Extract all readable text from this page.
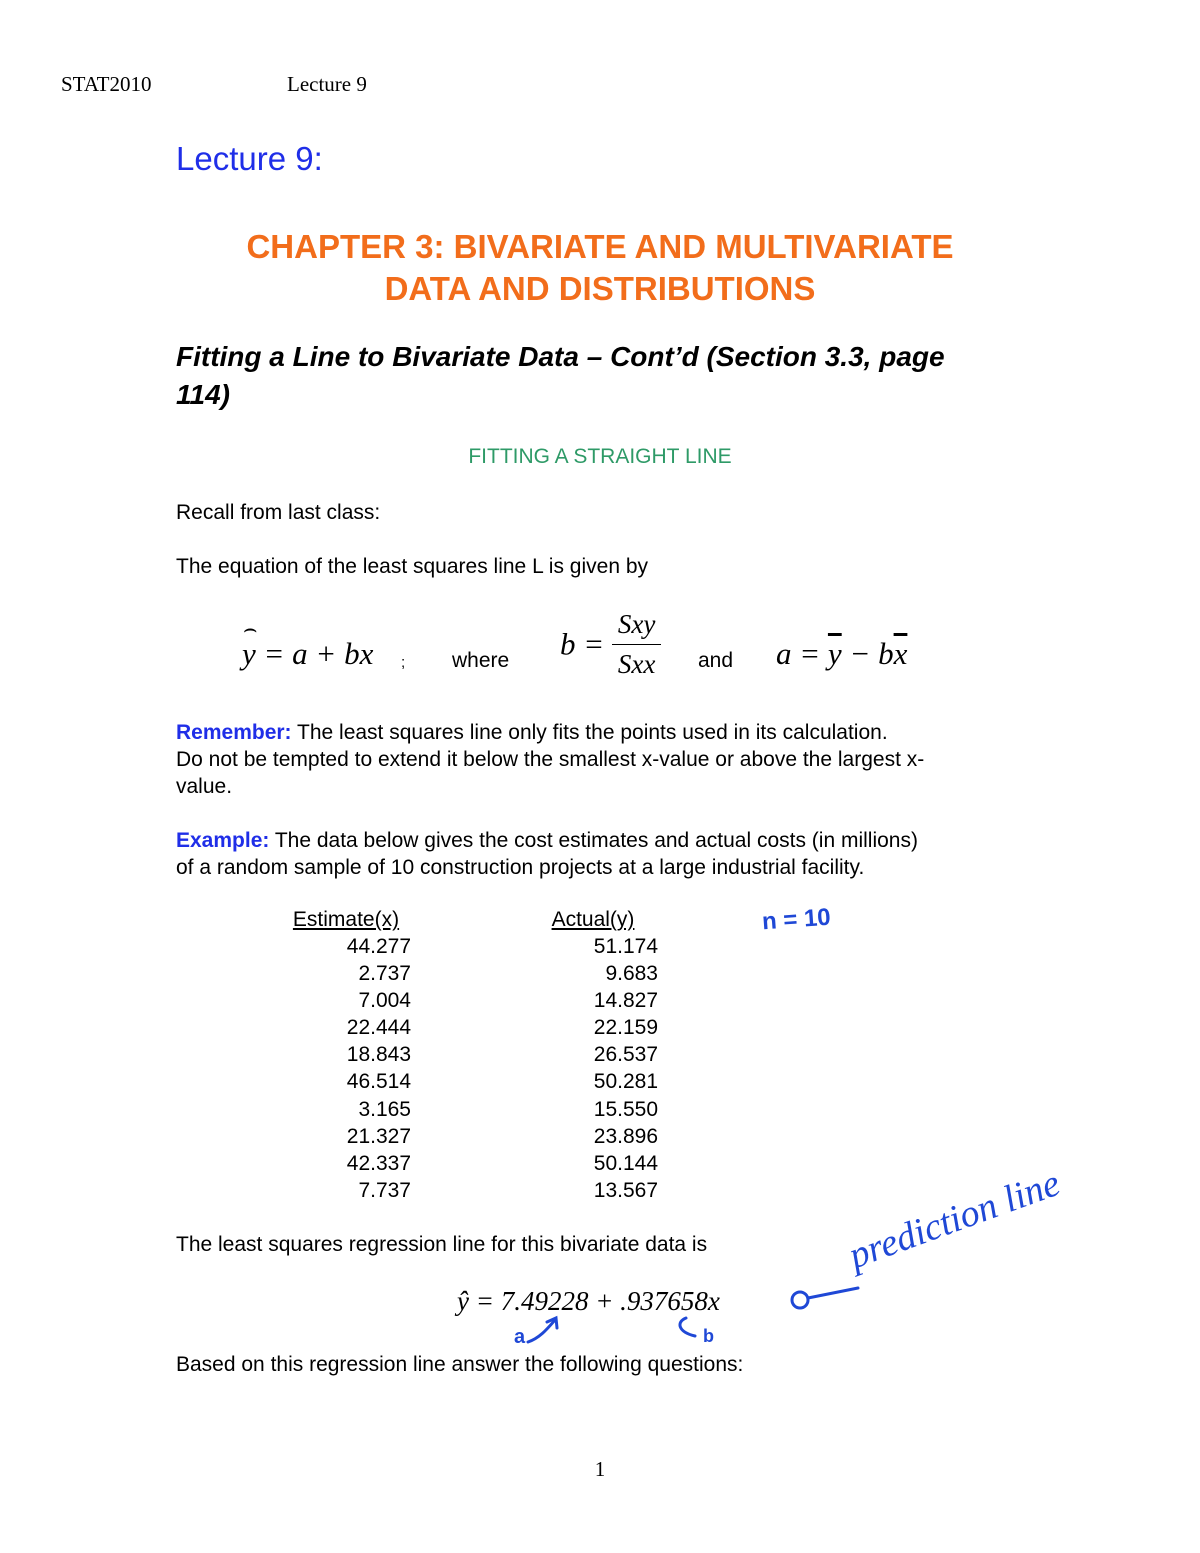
STAT2010	Lecture 9
Lecture 9:
CHAPTER 3: BIVARIATE AND MULTIVARIATE
DATA AND DISTRIBUTIONS
Fitting a Line to Bivariate Data – Cont’d (Section 3.3, page 114)
FITTING A STRAIGHT LINE
Recall from last class:
The equation of the least squares line L is given by
y
⌢
= a + bx ; where $b = \frac{\text{Sxy}}{\text{Sxx}}$ and $a = \overline{y} - b\overline{x}$
Remember: The least squares line only fits the points used in its calculation.
Do not be tempted to extend it below the smallest x-value or above the largest x-
value.
Example: The data below gives the cost estimates and actual costs (in millions)
of a random sample of 10 construction projects at a large industrial facility.
Estimate(x)
44.277
2.737
7.004
22.444
18.843
46.514
3.165
21.327
42.337
7.737
Actual(y)
51.174
9.683
14.827
22.159
26.537
50.281
15.550
23.896
50.144
13.567
n = 10
The least squares regression line for this bivariate data is
ŷ = 7.49228 + .937658x
a	b
prediction line
Based on this regression line answer the following questions:
1
